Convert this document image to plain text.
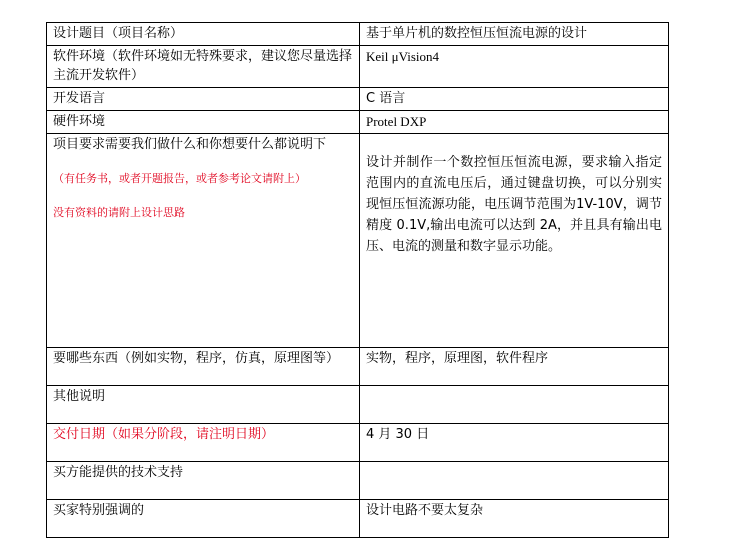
设计题目（项目名称）	基于单片机的数控恒压恒流电源的设计
软件环境（软件环境如无特殊要求，建议您尽量选择主流开发软件）	Keil μVision4
开发语言	C 语言
硬件环境	Protel DXP
项目要求需要我们做什么和你想要什么都说明下
（有任务书，或者开题报告，或者参考论文请附上）
没有资料的请附上设计思路	设计并制作一个数控恒压恒流电源，要求输入指定范围内的直流电压后，通过键盘切换，可以分别实现恒压恒流源功能，电压调节范围为1V-10V，调节精度 0.1V,输出电流可以达到 2A，并且具有输出电压、电流的测量和数字显示功能。

要哪些东西（例如实物，程序，仿真，原理图等）	实物，程序，原理图，软件程序
其他说明	
交付日期（如果分阶段，请注明日期）	4 月 30 日
买方能提供的技术支持	
买家特别强调的	设计电路不要太复杂
